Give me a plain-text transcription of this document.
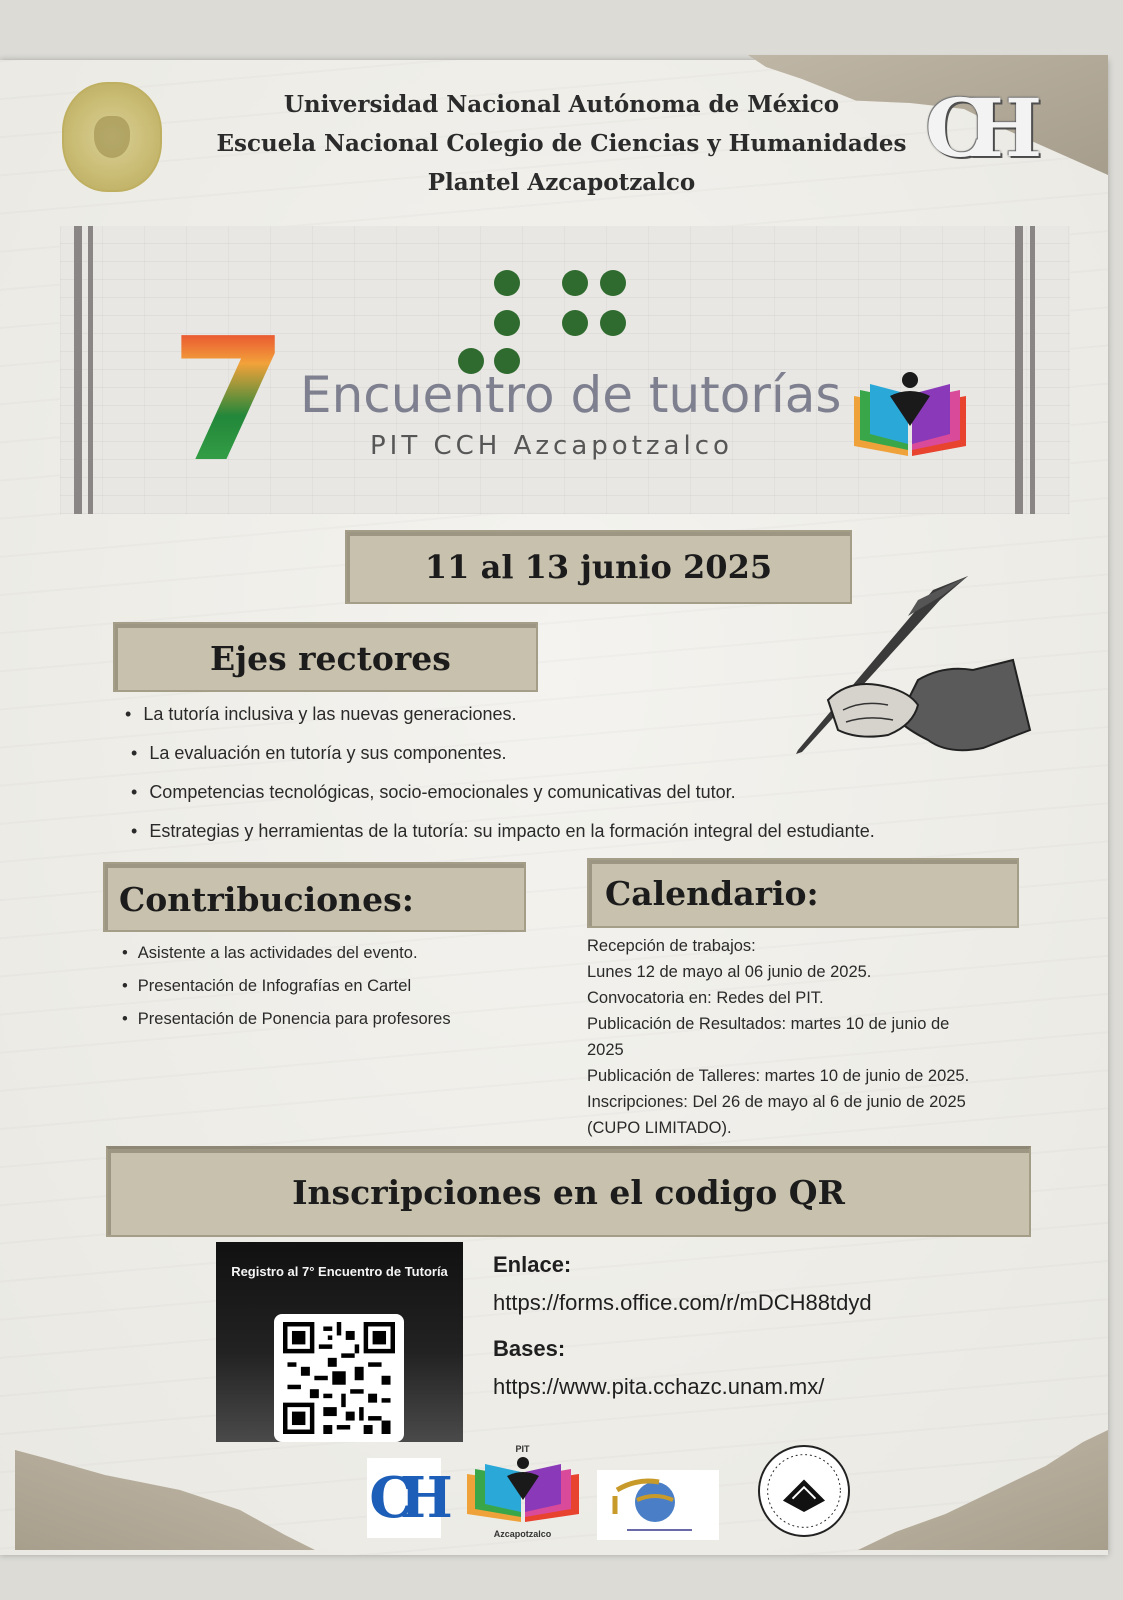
CH
Universidad Nacional Autónoma de México
Escuela Nacional Colegio de Ciencias y Humanidades
Plantel Azcapotzalco
7 Encuentro de tutorías
PIT CCH Azcapotzalco
11 al 13 junio 2025
Ejes rectores
• La tutoría inclusiva y las nuevas generaciones.
• La evaluación en tutoría y sus componentes.
• Competencias tecnológicas, socio-emocionales y comunicativas del tutor.
• Estrategias y herramientas de la tutoría: su impacto en la formación integral del estudiante.
Contribuciones:
• Asistente a las actividades del evento.
• Presentación de Infografías en Cartel
• Presentación de Ponencia para profesores
Calendario:
Recepción de trabajos:
Lunes 12 de mayo al 06 junio de 2025.
Convocatoria en: Redes del PIT.
Publicación de Resultados: martes 10 de junio de
2025
Publicación de Talleres: martes 10 de junio de 2025.
Inscripciones: Del 26 de mayo al 6 de junio de 2025
(CUPO LIMITADO).
Inscripciones en el codigo QR
Registro al 7° Encuentro de Tutoría	Enlace:
https://forms.office.com/r/mDCH88tdyd
Bases:
https://www.pita.cchazc.unam.mx/
CH
PIT
Azcapotzalco
